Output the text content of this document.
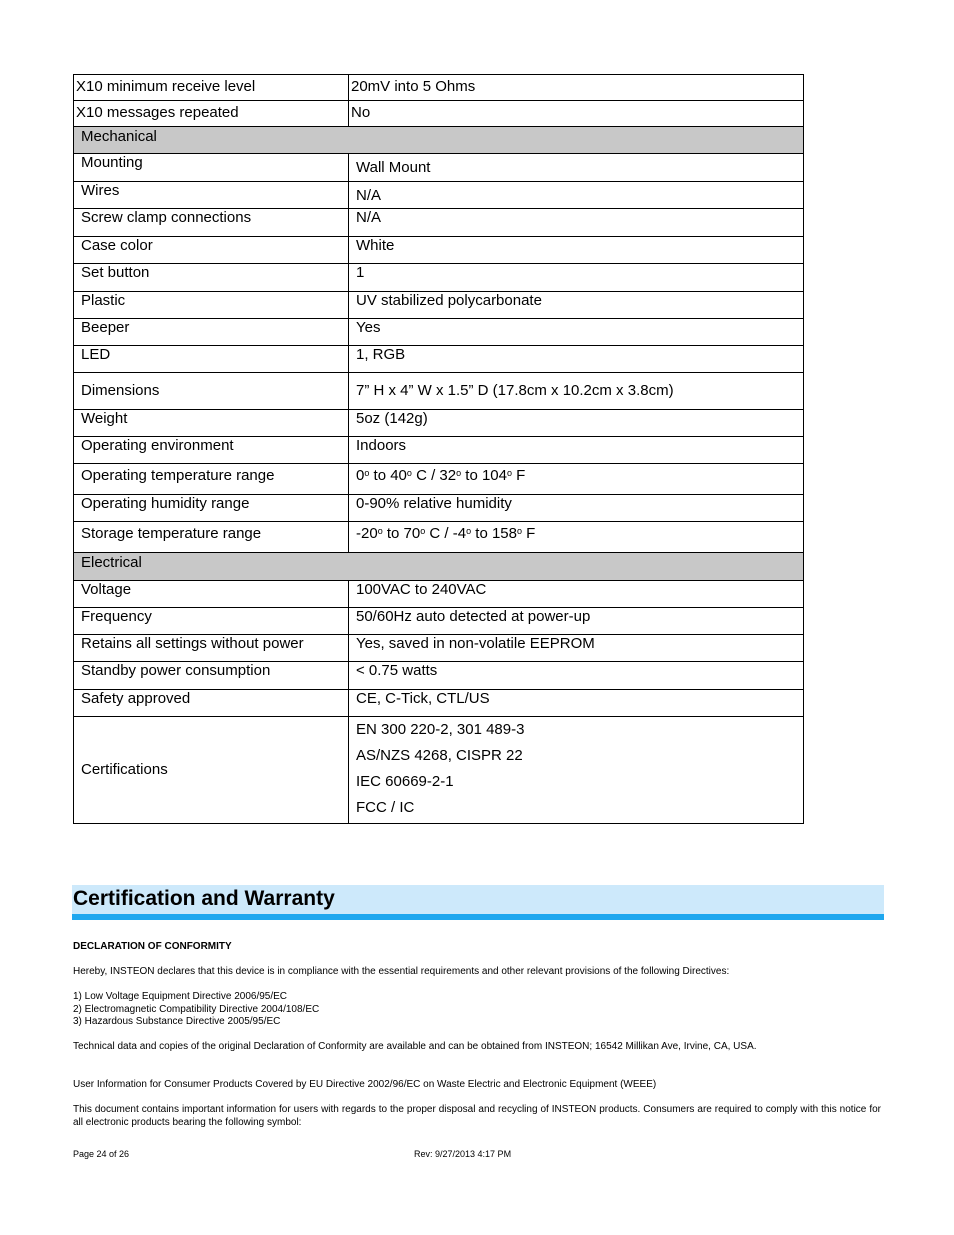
X10 minimum receive level	20mV into 5 Ohms
X10 messages repeated	No
Mechanical	
Mounting	Wall Mount
Wires	N/A
Screw clamp connections	N/A
Case color	White
Set button	1
Plastic	UV stabilized polycarbonate
Beeper	Yes
LED	1, RGB
Dimensions	7” H x 4” W x 1.5” D (17.8cm x 10.2cm x 3.8cm)
Weight	5oz (142g)
Operating environment	Indoors
Operating temperature range	0$^o$ to 40$^o$ C / 32$^o$ to 104$^o$ F
Operating humidity range	0-90% relative humidity
Storage temperature range	-20$^o$ to 70$^o$ C / -4$^o$ to 158$^o$ F
Electrical	
Voltage	100VAC to 240VAC
Frequency	50/60Hz auto detected at power-up
Retains all settings without power	Yes, saved in non-volatile EEPROM
Standby power consumption	< 0.75 watts
Safety approved	CE, C-Tick, CTL/US
Certifications	EN 300 220-2, 301 489-3
AS/NZS 4268, CISPR 22
IEC 60669-2-1
FCC / IC
Certification and Warranty
DECLARATION OF CONFORMITY
Hereby, INSTEON declares that this device is in compliance with the essential requirements and other relevant provisions of the following Directives:
1) Low Voltage Equipment Directive 2006/95/EC
2) Electromagnetic Compatibility Directive 2004/108/EC
3) Hazardous Substance Directive 2005/95/EC
Technical data and copies of the original Declaration of Conformity are available and can be obtained from INSTEON; 16542 Millikan Ave, Irvine, CA, USA.
User Information for Consumer Products Covered by EU Directive 2002/96/EC on Waste Electric and Electronic Equipment (WEEE)
This document contains important information for users with regards to the proper disposal and recycling of INSTEON products. Consumers are required to comply with this notice for all electronic products bearing the following symbol:
Page 24 of 26	Rev: 9/27/2013 4:17 PM
